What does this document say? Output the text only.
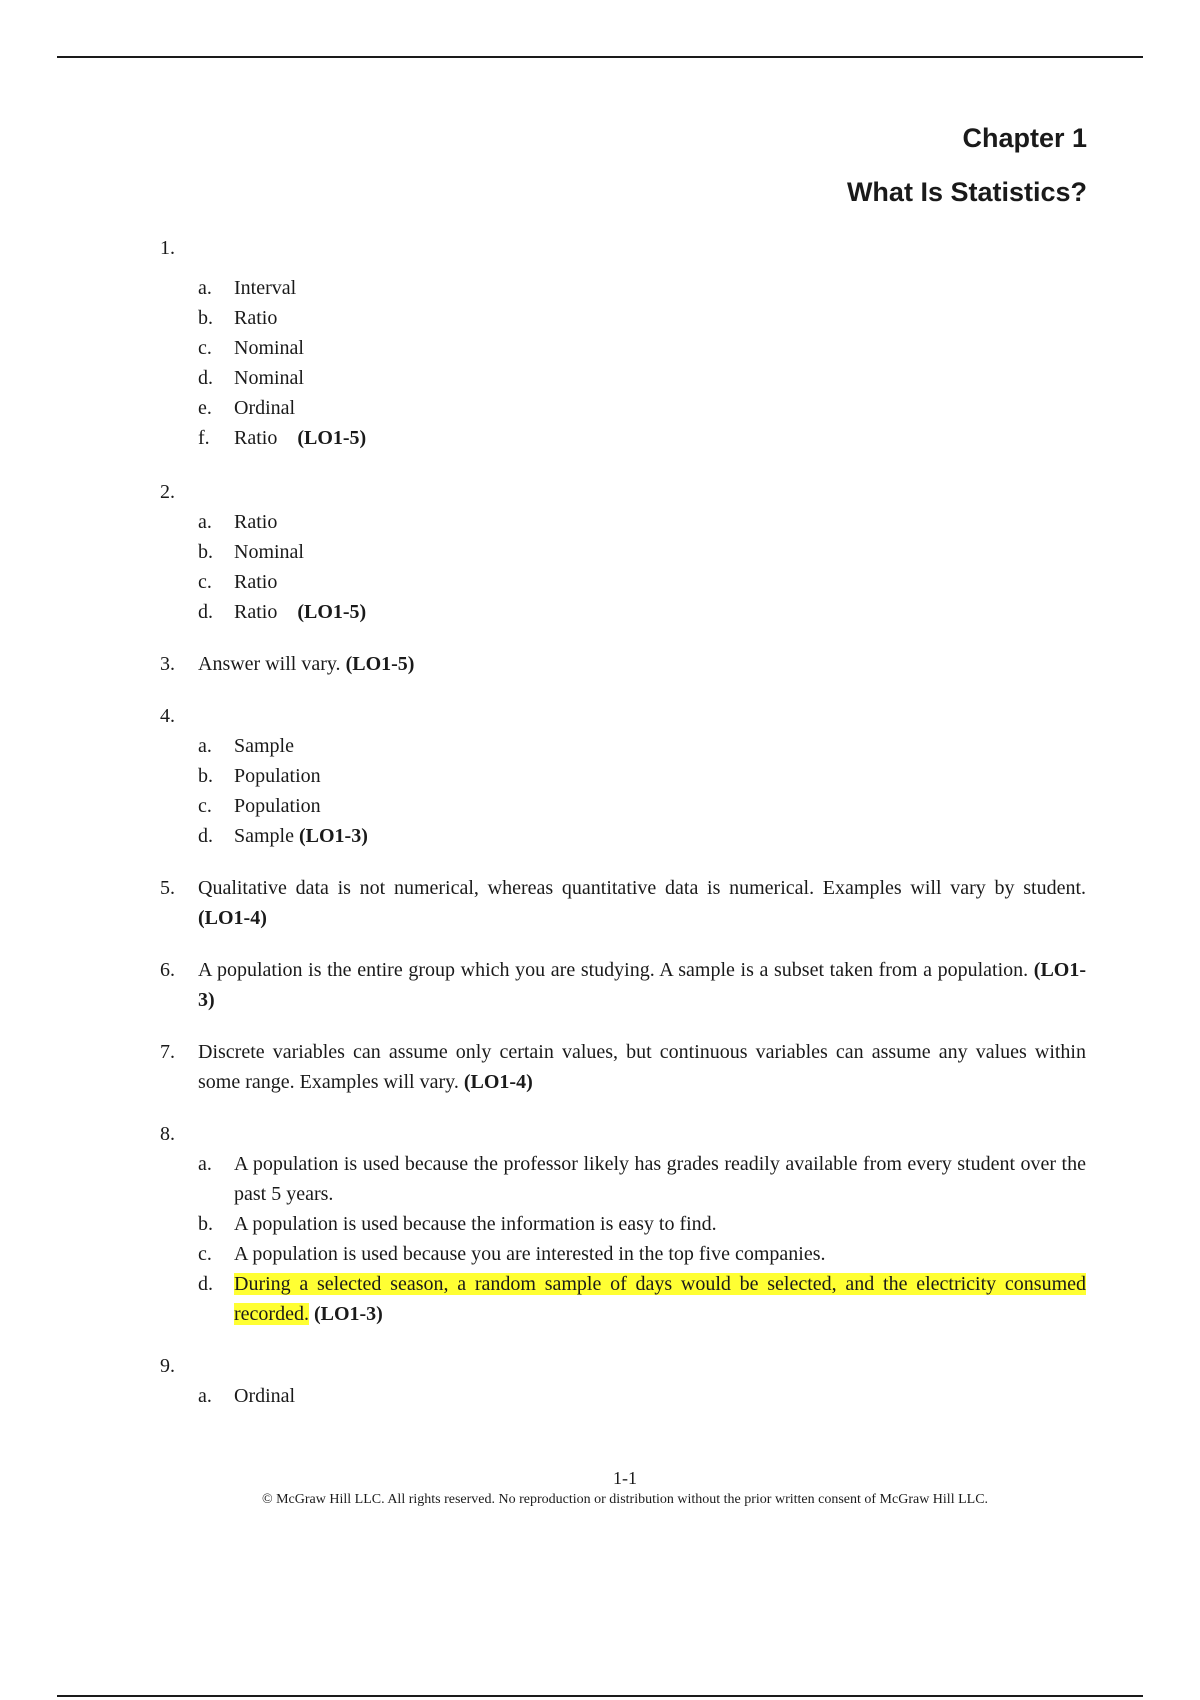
Chapter 1
What Is Statistics?
1.
a. Interval
b. Ratio
c. Nominal
d. Nominal
e. Ordinal
f. Ratio (LO1-5)
2.
a. Ratio
b. Nominal
c. Ratio
d. Ratio (LO1-5)
3. Answer will vary. (LO1-5)
4.
a. Sample
b. Population
c. Population
d. Sample (LO1-3)
5. Qualitative data is not numerical, whereas quantitative data is numerical. Examples will vary by student. (LO1-4)
6. A population is the entire group which you are studying. A sample is a subset taken from a population. (LO1-3)
7. Discrete variables can assume only certain values, but continuous variables can assume any values within some range. Examples will vary. (LO1-4)
8.
a. A population is used because the professor likely has grades readily available from every student over the past 5 years.
b. A population is used because the information is easy to find.
c. A population is used because you are interested in the top five companies.
d. During a selected season, a random sample of days would be selected, and the electricity consumed recorded. (LO1-3)
9.
a. Ordinal
1-1
© McGraw Hill LLC. All rights reserved. No reproduction or distribution without the prior written consent of McGraw Hill LLC.
